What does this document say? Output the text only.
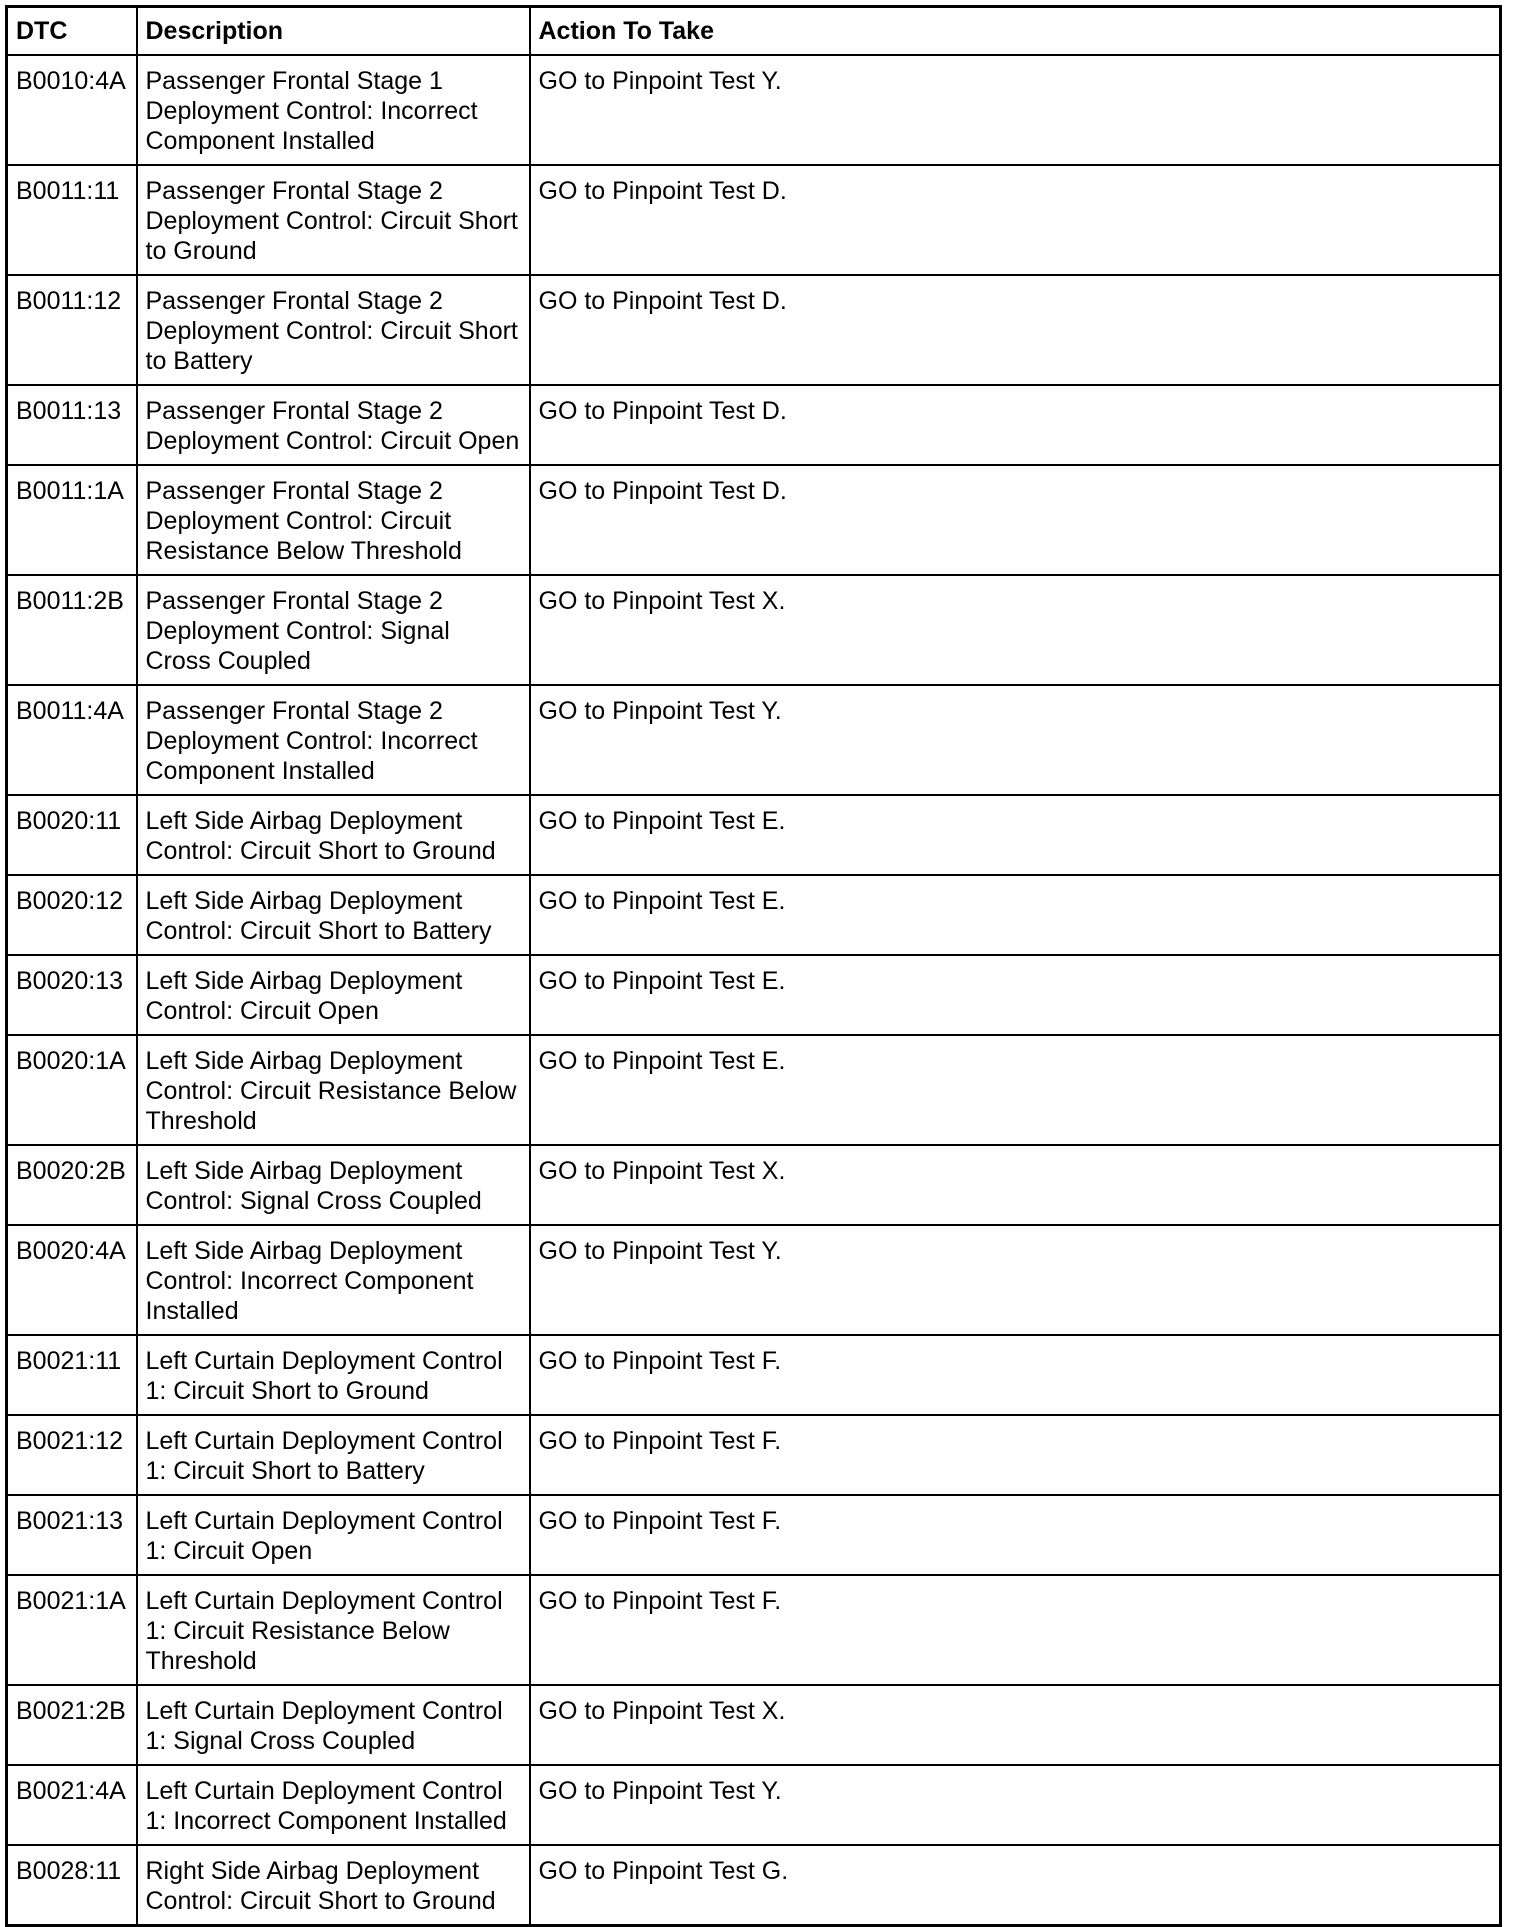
DTC	Description	Action To Take
B0010:4A	Passenger Frontal Stage 1 Deployment Control: Incorrect Component Installed	GO to Pinpoint Test Y.
B0011:11	Passenger Frontal Stage 2 Deployment Control: Circuit Short to Ground	GO to Pinpoint Test D.
B0011:12	Passenger Frontal Stage 2 Deployment Control: Circuit Short to Battery	GO to Pinpoint Test D.
B0011:13	Passenger Frontal Stage 2 Deployment Control: Circuit Open	GO to Pinpoint Test D.
B0011:1A	Passenger Frontal Stage 2 Deployment Control: Circuit Resistance Below Threshold	GO to Pinpoint Test D.
B0011:2B	Passenger Frontal Stage 2 Deployment Control: Signal Cross Coupled	GO to Pinpoint Test X.
B0011:4A	Passenger Frontal Stage 2 Deployment Control: Incorrect Component Installed	GO to Pinpoint Test Y.
B0020:11	Left Side Airbag Deployment Control: Circuit Short to Ground	GO to Pinpoint Test E.
B0020:12	Left Side Airbag Deployment Control: Circuit Short to Battery	GO to Pinpoint Test E.
B0020:13	Left Side Airbag Deployment Control: Circuit Open	GO to Pinpoint Test E.
B0020:1A	Left Side Airbag Deployment Control: Circuit Resistance Below Threshold	GO to Pinpoint Test E.
B0020:2B	Left Side Airbag Deployment Control: Signal Cross Coupled	GO to Pinpoint Test X.
B0020:4A	Left Side Airbag Deployment Control: Incorrect Component Installed	GO to Pinpoint Test Y.
B0021:11	Left Curtain Deployment Control 1: Circuit Short to Ground	GO to Pinpoint Test F.
B0021:12	Left Curtain Deployment Control 1: Circuit Short to Battery	GO to Pinpoint Test F.
B0021:13	Left Curtain Deployment Control 1: Circuit Open	GO to Pinpoint Test F.
B0021:1A	Left Curtain Deployment Control 1: Circuit Resistance Below Threshold	GO to Pinpoint Test F.
B0021:2B	Left Curtain Deployment Control 1: Signal Cross Coupled	GO to Pinpoint Test X.
B0021:4A	Left Curtain Deployment Control 1: Incorrect Component Installed	GO to Pinpoint Test Y.
B0028:11	Right Side Airbag Deployment Control: Circuit Short to Ground	GO to Pinpoint Test G.
